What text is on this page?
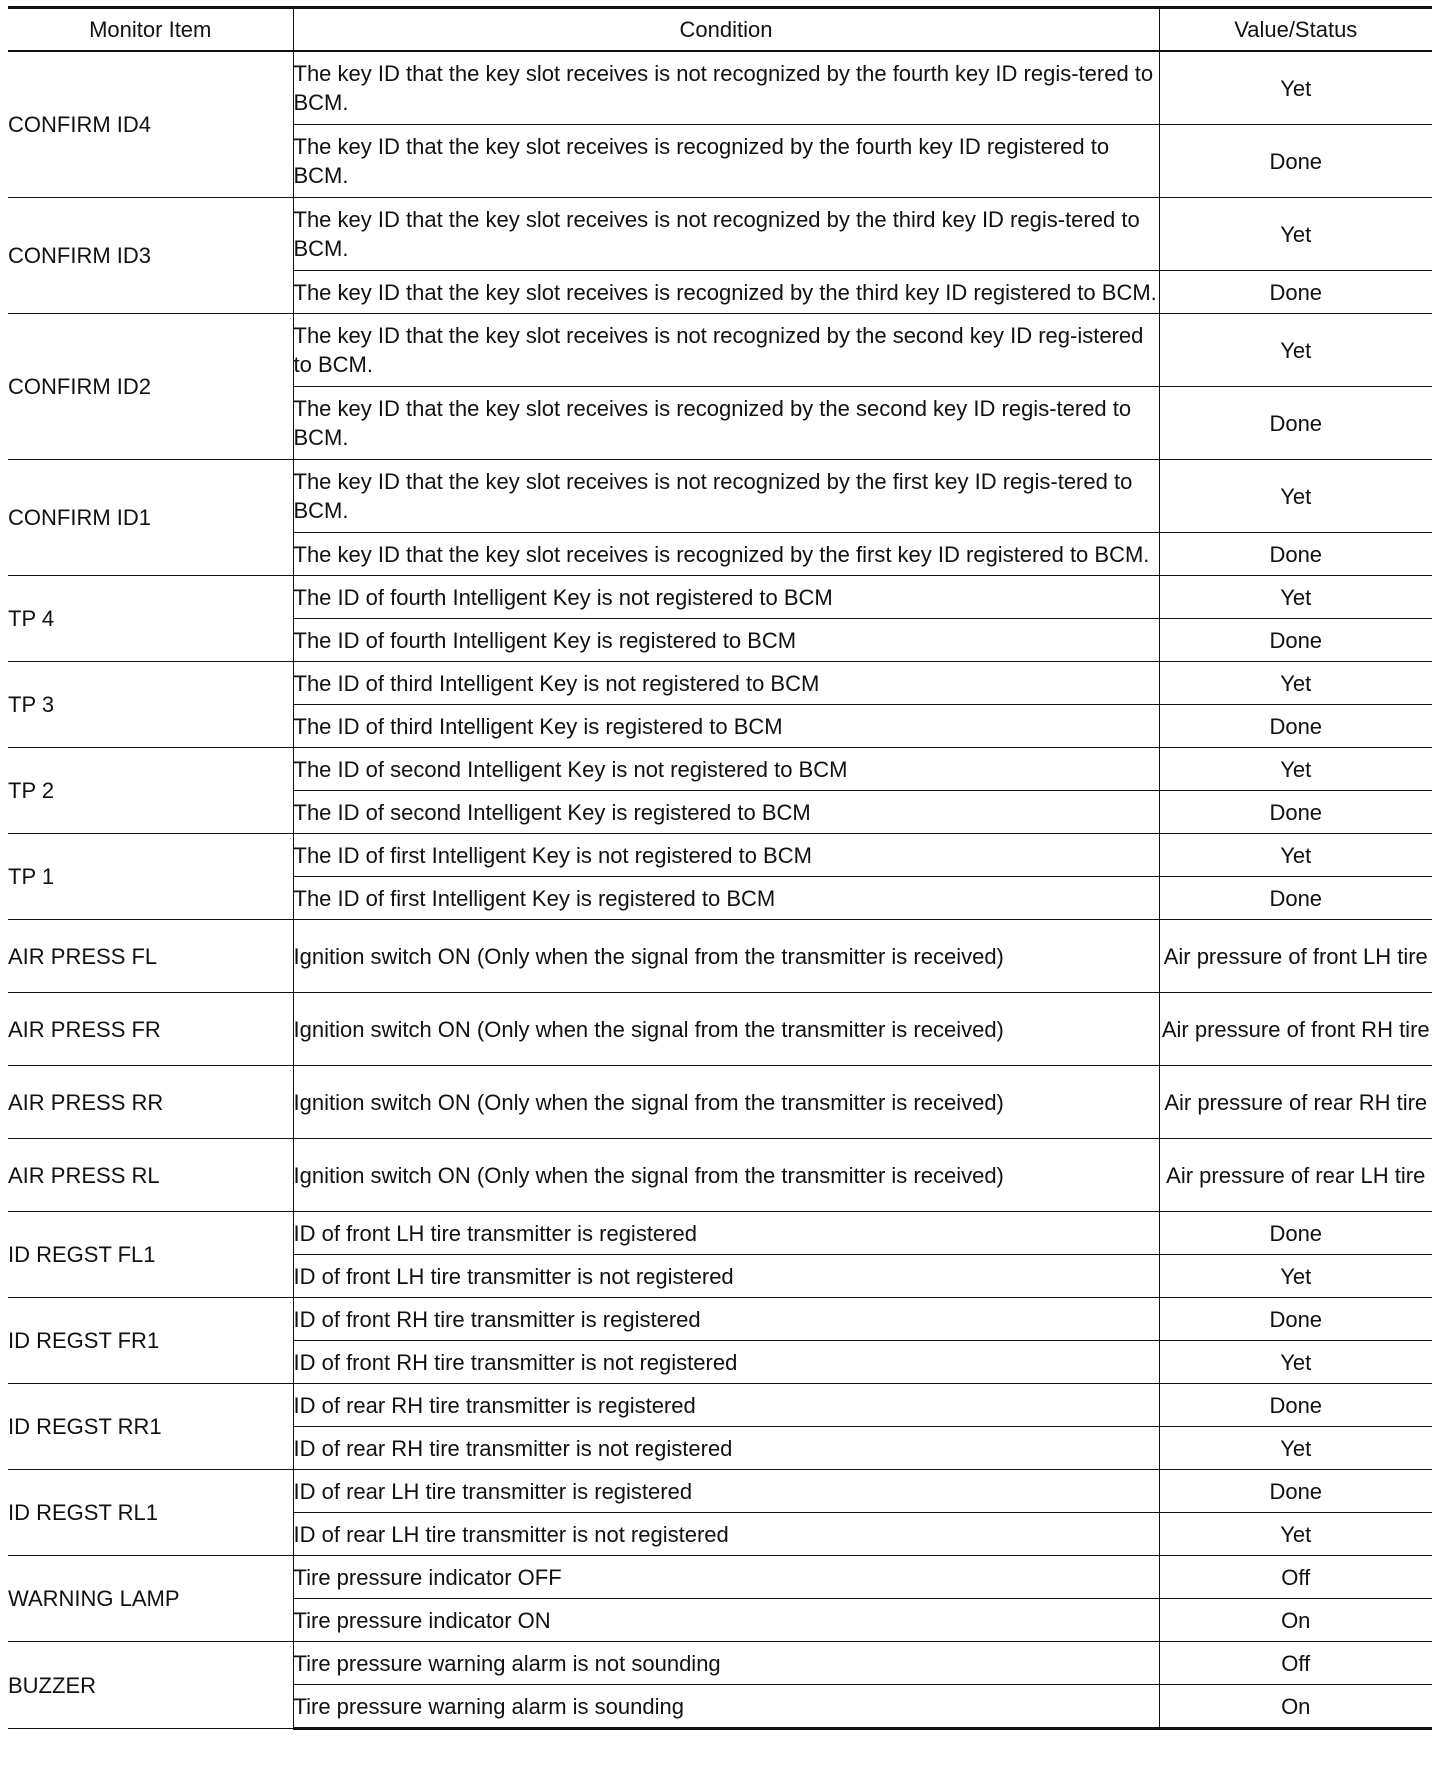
Monitor Item	Condition	Value/Status
CONFIRM ID4	The key ID that the key slot receives is not recognized by the fourth key ID regis-tered to BCM.	Yet
	The key ID that the key slot receives is recognized by the fourth key ID registered to BCM.	Done
CONFIRM ID3	The key ID that the key slot receives is not recognized by the third key ID regis-tered to BCM.	Yet
	The key ID that the key slot receives is recognized by the third key ID registered to BCM.	Done
CONFIRM ID2	The key ID that the key slot receives is not recognized by the second key ID reg-istered to BCM.	Yet
	The key ID that the key slot receives is recognized by the second key ID regis-tered to BCM.	Done
CONFIRM ID1	The key ID that the key slot receives is not recognized by the first key ID regis-tered to BCM.	Yet
	The key ID that the key slot receives is recognized by the first key ID registered to BCM.	Done
TP 4	The ID of fourth Intelligent Key is not registered to BCM	Yet
	The ID of fourth Intelligent Key is registered to BCM	Done
TP 3	The ID of third Intelligent Key is not registered to BCM	Yet
	The ID of third Intelligent Key is registered to BCM	Done
TP 2	The ID of second Intelligent Key is not registered to BCM	Yet
	The ID of second Intelligent Key is registered to BCM	Done
TP 1	The ID of first Intelligent Key is not registered to BCM	Yet
	The ID of first Intelligent Key is registered to BCM	Done
AIR PRESS FL	Ignition switch ON (Only when the signal from the transmitter is received)	Air pressure of front LH tire
AIR PRESS FR	Ignition switch ON (Only when the signal from the transmitter is received)	Air pressure of front RH tire
AIR PRESS RR	Ignition switch ON (Only when the signal from the transmitter is received)	Air pressure of rear RH tire
AIR PRESS RL	Ignition switch ON (Only when the signal from the transmitter is received)	Air pressure of rear LH tire
ID REGST FL1	ID of front LH tire transmitter is registered	Done
	ID of front LH tire transmitter is not registered	Yet
ID REGST FR1	ID of front RH tire transmitter is registered	Done
	ID of front RH tire transmitter is not registered	Yet
ID REGST RR1	ID of rear RH tire transmitter is registered	Done
	ID of rear RH tire transmitter is not registered	Yet
ID REGST RL1	ID of rear LH tire transmitter is registered	Done
	ID of rear LH tire transmitter is not registered	Yet
WARNING LAMP	Tire pressure indicator OFF	Off
	Tire pressure indicator ON	On
BUZZER	Tire pressure warning alarm is not sounding	Off
	Tire pressure warning alarm is sounding	On
